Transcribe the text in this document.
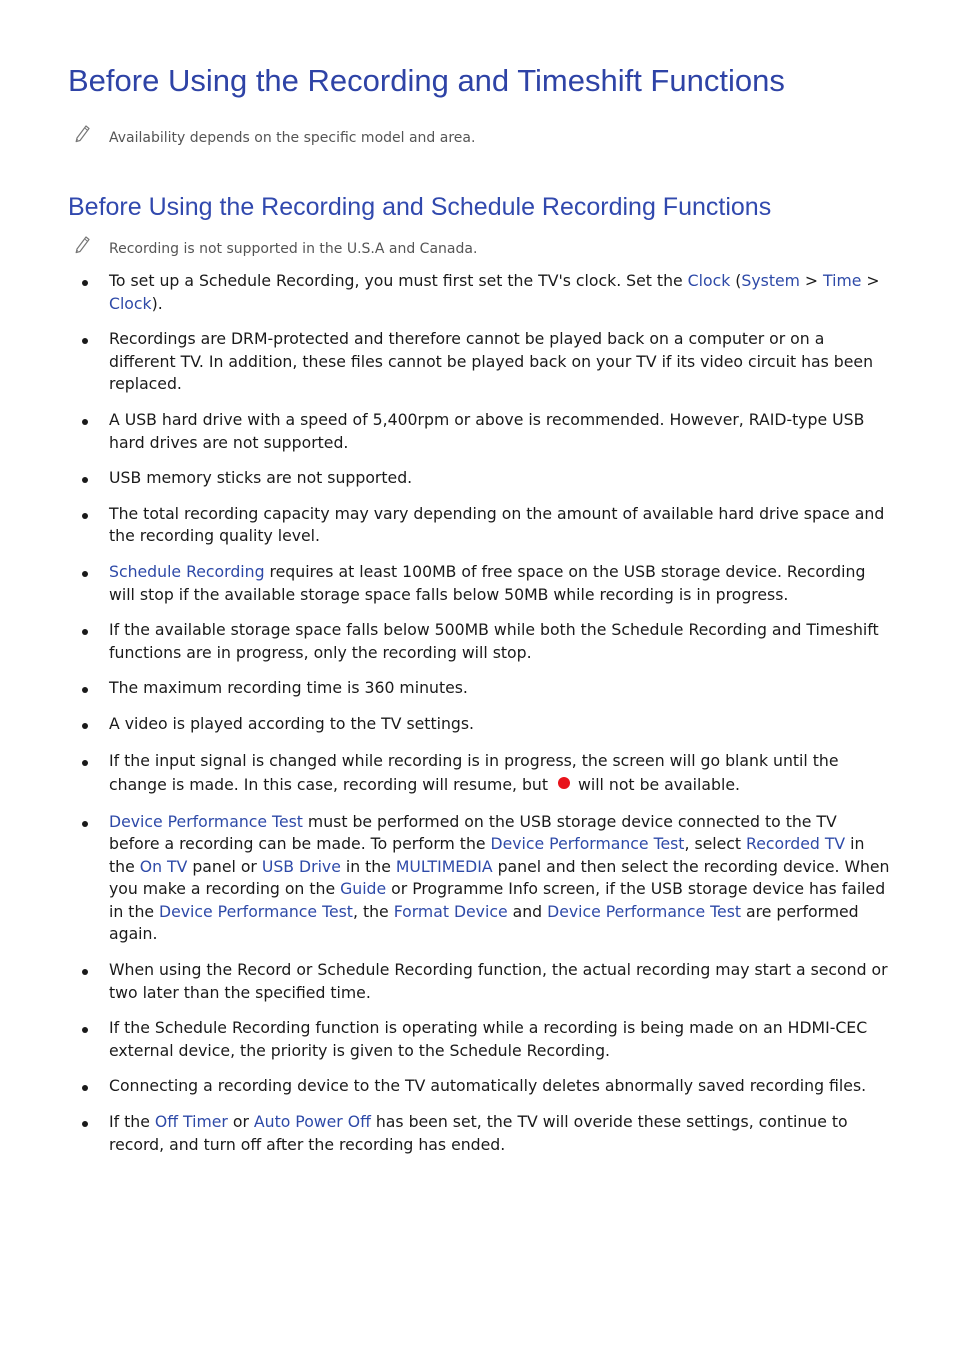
Before Using the Recording and Timeshift Functions
Availability depends on the specific model and area.
Before Using the Recording and Schedule Recording Functions
Recording is not supported in the U.S.A and Canada.
To set up a Schedule Recording, you must first set the TV's clock. Set the Clock (System > Time > Clock).
Recordings are DRM-protected and therefore cannot be played back on a computer or on a different TV. In addition, these files cannot be played back on your TV if its video circuit has been replaced.
A USB hard drive with a speed of 5,400rpm or above is recommended. However, RAID-type USB hard drives are not supported.
USB memory sticks are not supported.
The total recording capacity may vary depending on the amount of available hard drive space and the recording quality level.
Schedule Recording requires at least 100MB of free space on the USB storage device. Recording will stop if the available storage space falls below 50MB while recording is in progress.
If the available storage space falls below 500MB while both the Schedule Recording and Timeshift functions are in progress, only the recording will stop.
The maximum recording time is 360 minutes.
A video is played according to the TV settings.
If the input signal is changed while recording is in progress, the screen will go blank until the change is made. In this case, recording will resume, but will not be available.
Device Performance Test must be performed on the USB storage device connected to the TV before a recording can be made. To perform the Device Performance Test, select Recorded TV in the On TV panel or USB Drive in the MULTIMEDIA panel and then select the recording device. When you make a recording on the Guide or Programme Info screen, if the USB storage device has failed in the Device Performance Test, the Format Device and Device Performance Test are performed again.
When using the Record or Schedule Recording function, the actual recording may start a second or two later than the specified time.
If the Schedule Recording function is operating while a recording is being made on an HDMI-CEC external device, the priority is given to the Schedule Recording.
Connecting a recording device to the TV automatically deletes abnormally saved recording files.
If the Off Timer or Auto Power Off has been set, the TV will overide these settings, continue to record, and turn off after the recording has ended.
